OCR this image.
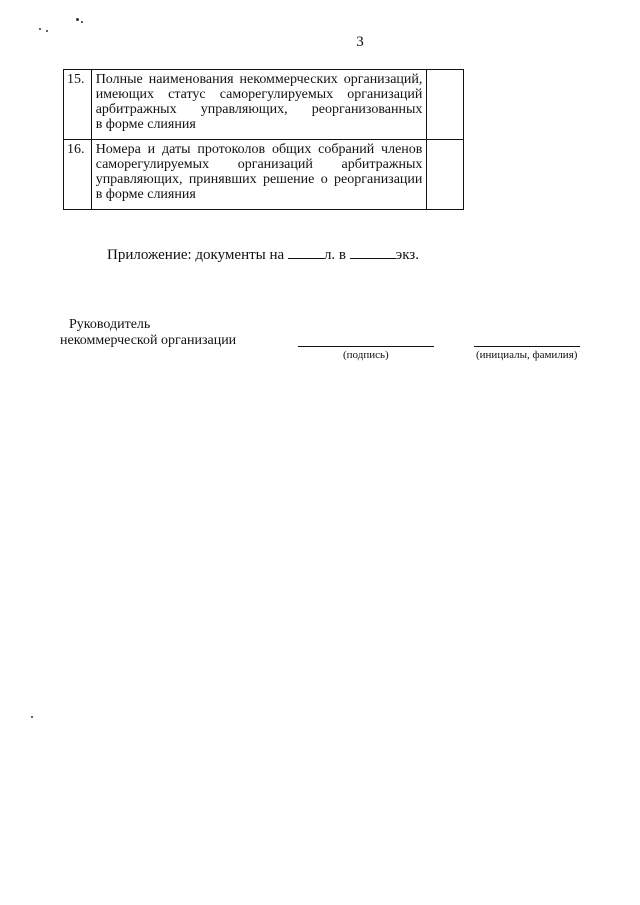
3
15.	Полные наименования некоммерческих организаций,
имеющих статус саморегулируемых организаций
арбитражных управляющих, реорганизованных
в форме слияния	

16.	Номера и даты протоколов общих собраний членов
саморегулируемых организаций арбитражных
управляющих, принявших решение о реорганизации
в форме слияния	

Приложение: документы на л. в	экз.
Руководитель
некоммерческой организации
(подпись)	(инициалы, фамилия)
